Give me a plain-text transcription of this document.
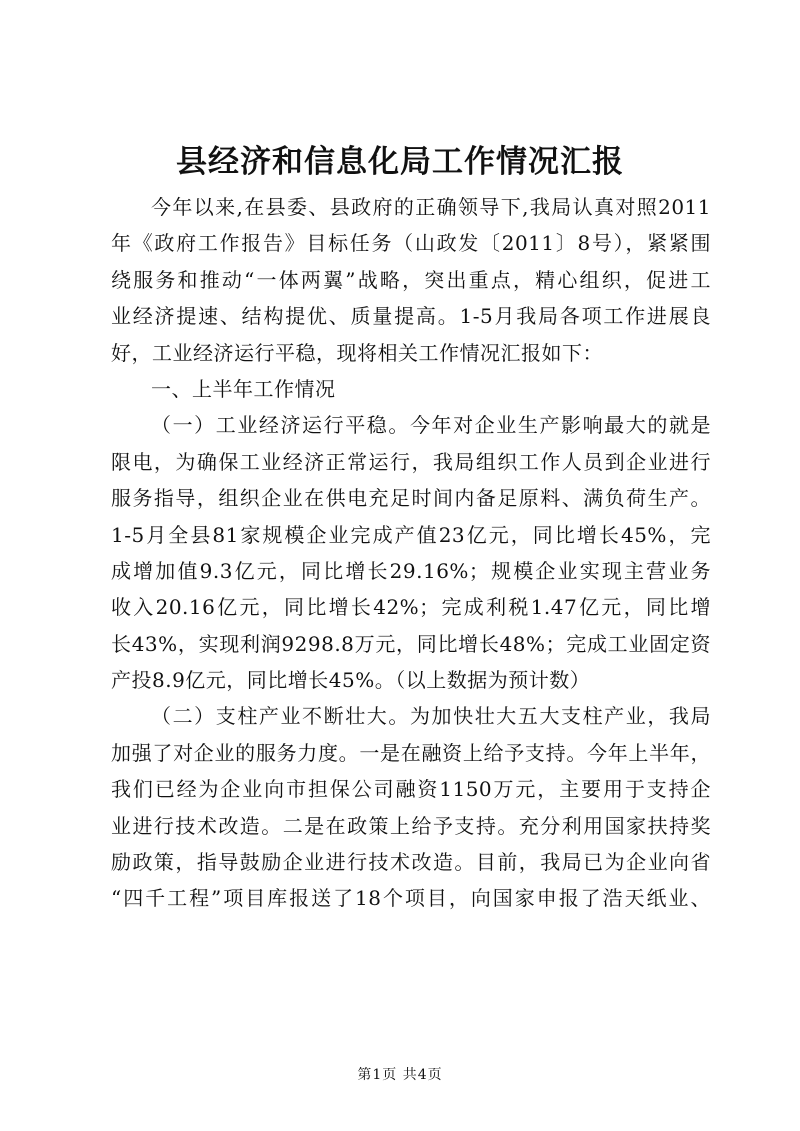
县经济和信息化局工作情况汇报
今年以来,在县委、县政府的正确领导下,我局认真对照2011
年《政府工作报告》目标任务（山政发〔2011〕8号），紧紧围
绕服务和推动“一体两翼”战略，突出重点，精心组织，促进工
业经济提速、结构提优、质量提高。1-5月我局各项工作进展良
好，工业经济运行平稳，现将相关工作情况汇报如下：
一、上半年工作情况
（一）工业经济运行平稳。今年对企业生产影响最大的就是
限电，为确保工业经济正常运行，我局组织工作人员到企业进行
服务指导，组织企业在供电充足时间内备足原料、满负荷生产。
1-5月全县81家规模企业完成产值23亿元，同比增长45%，完
成增加值9.3亿元，同比增长29.16%；规模企业实现主营业务
收入20.16亿元，同比增长42%；完成利税1.47亿元，同比增
长43%，实现利润9298.8万元，同比增长48%；完成工业固定资
产投8.9亿元，同比增长45%。（以上数据为预计数）
（二）支柱产业不断壮大。为加快壮大五大支柱产业，我局
加强了对企业的服务力度。一是在融资上给予支持。今年上半年，
我们已经为企业向市担保公司融资1150万元，主要用于支持企
业进行技术改造。二是在政策上给予支持。充分利用国家扶持奖
励政策，指导鼓励企业进行技术改造。目前，我局已为企业向省
“四千工程”项目库报送了18个项目，向国家申报了浩天纸业、
第1页 共4页
